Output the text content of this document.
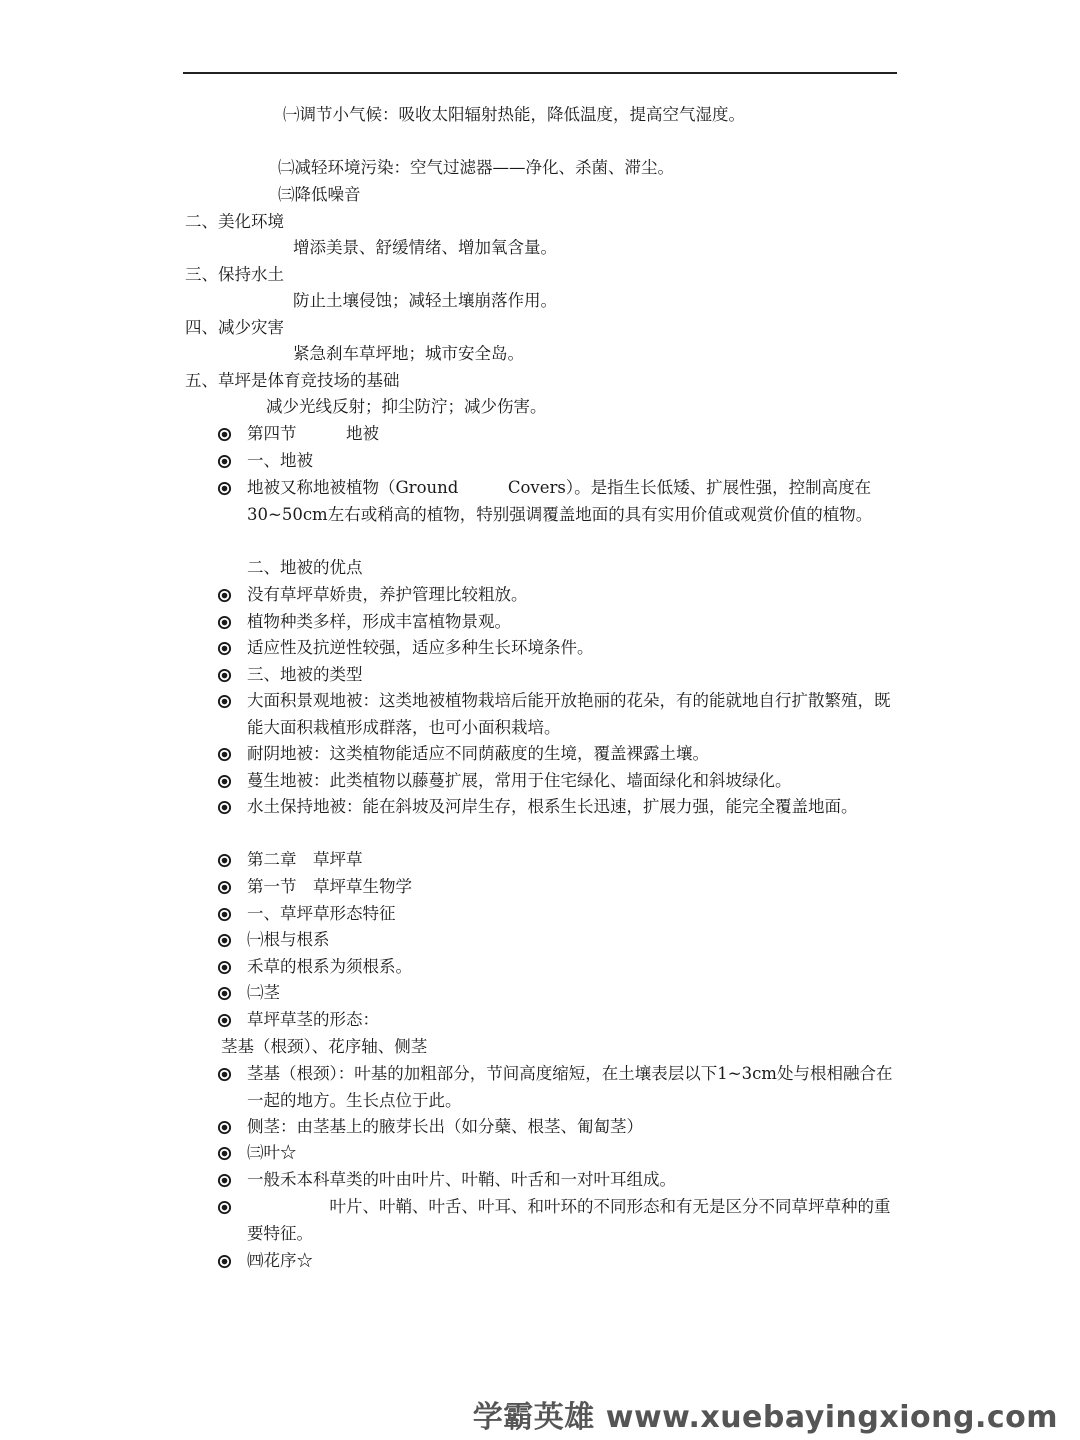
㈠调节小气候：吸收太阳辐射热能，降低温度，提高空气湿度。
㈡减轻环境污染：空气过滤器——净化、杀菌、滞尘。
㈢降低噪音
二、美化环境
增添美景、舒缓情绪、增加氧含量。
三、保持水土
防止土壤侵蚀；减轻土壤崩落作用。
四、减少灾害
紧急刹车草坪地；城市安全岛。
五、草坪是体育竞技场的基础
减少光线反射；抑尘防泞；减少伤害。
第四节　　　地被
一、地被
地被又称地被植物（Ground　　　Covers）。是指生长低矮、扩展性强，控制高度在30~50cm左右或稍高的植物，特别强调覆盖地面的具有实用价值或观赏价值的植物。
二、地被的优点
没有草坪草娇贵，养护管理比较粗放。
植物种类多样，形成丰富植物景观。
适应性及抗逆性较强，适应多种生长环境条件。
三、地被的类型
大面积景观地被：这类地被植物栽培后能开放艳丽的花朵，有的能就地自行扩散繁殖，既能大面积栽植形成群落，也可小面积栽培。
耐阴地被：这类植物能适应不同荫蔽度的生境，覆盖裸露土壤。
蔓生地被：此类植物以藤蔓扩展，常用于住宅绿化、墙面绿化和斜坡绿化。
水土保持地被：能在斜坡及河岸生存，根系生长迅速，扩展力强，能完全覆盖地面。
第二章　草坪草
第一节　草坪草生物学
一、草坪草形态特征
㈠根与根系
禾草的根系为须根系。
㈡茎
草坪草茎的形态：
茎基（根颈）、花序轴、侧茎
茎基（根颈）：叶基的加粗部分，节间高度缩短，在土壤表层以下1~3cm处与根相融合在一起的地方。生长点位于此。
侧茎：由茎基上的腋芽长出（如分蘖、根茎、匍匐茎）
㈢叶☆
一般禾本科草类的叶由叶片、叶鞘、叶舌和一对叶耳组成。
　　　　　叶片、叶鞘、叶舌、叶耳、和叶环的不同形态和有无是区分不同草坪草种的重要特征。
㈣花序☆
学霸英雄 www.xuebayingxiong.com
